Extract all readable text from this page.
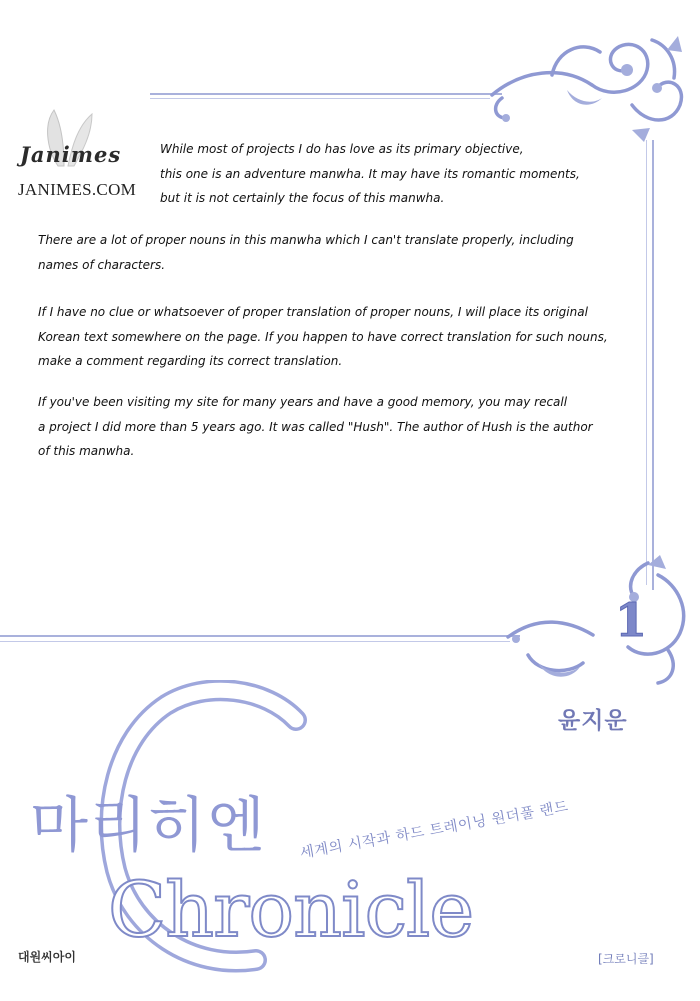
1
Janimes
JANIMES.COM

While most of projects I do has love as its primary objective,
this one is an adventure manwha. It may have its romantic moments,
but it is not certainly the focus of this manwha.

There are a lot of proper nouns in this manwha which I can't translate properly, including
names of characters.

If I have no clue or whatsoever of proper translation of proper nouns, I will place its original
Korean text somewhere on the page. If you happen to have correct translation for such nouns,
make a comment regarding its correct translation.

If you've been visiting my site for many years and have a good memory, you may recall
a project I did more than 5 years ago. It was called "Hush". The author of Hush is the author
of this manwha.

윤지운
마리히엔 세계의 시작과 하드 트레이닝 원더풀 랜드
Chronicle
[크로니클]
대원씨아이
